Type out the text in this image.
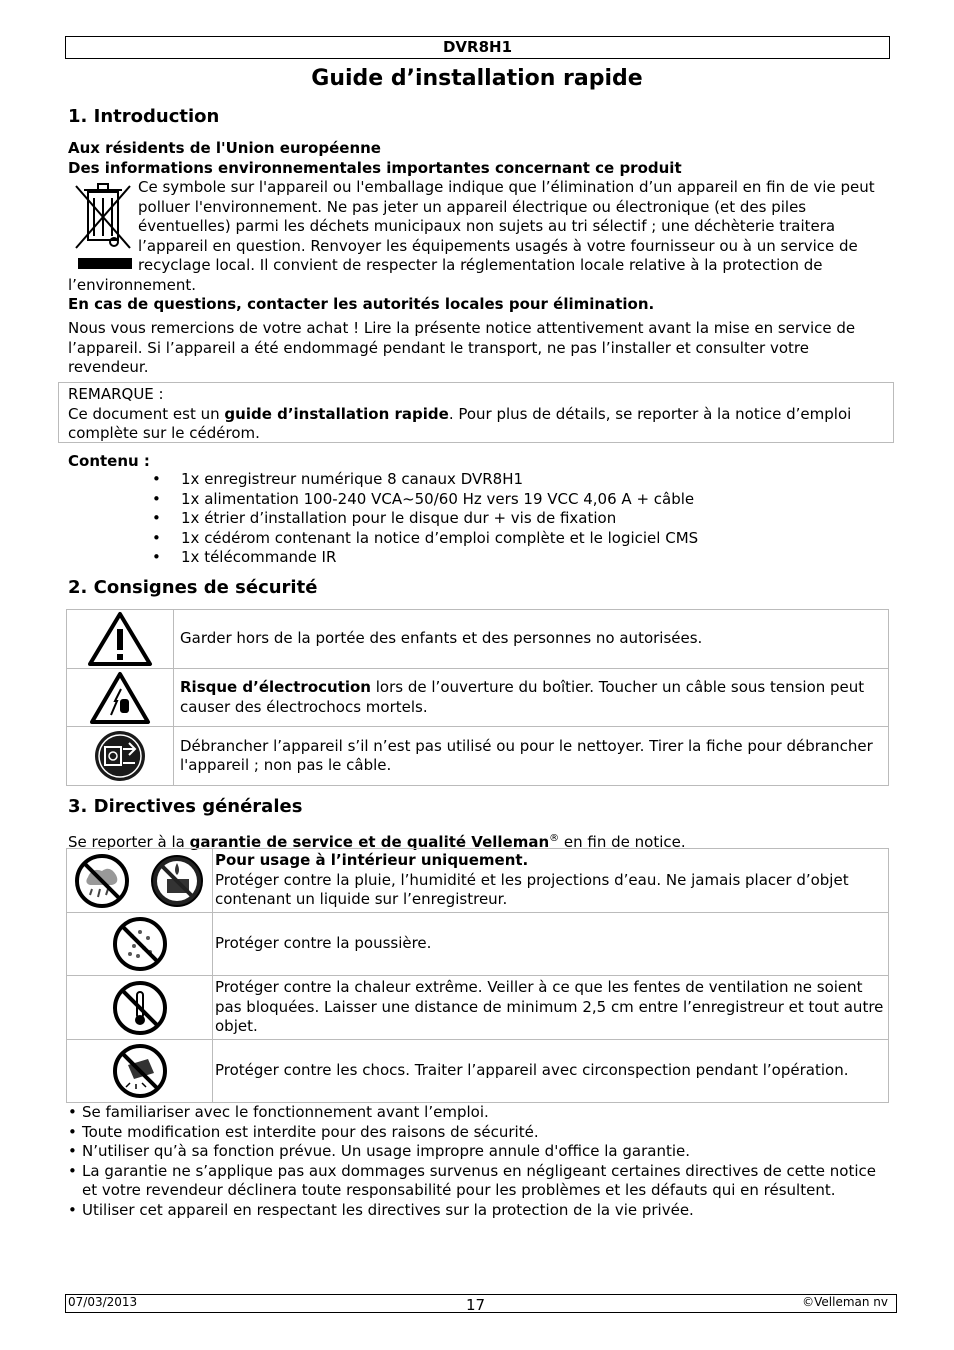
DVR8H1
Guide d’installation rapide
1. Introduction
Aux résidents de l'Union européenne
Des informations environnementales importantes concernant ce produit
Ce symbole sur l'appareil ou l'emballage indique que l’élimination d’un appareil en fin de vie peut polluer l'environnement. Ne pas jeter un appareil électrique ou électronique (et des piles éventuelles) parmi les déchets municipaux non sujets au tri sélectif ; une déchèterie traitera l’appareil en question. Renvoyer les équipements usagés à votre fournisseur ou à un service de recyclage local. Il convient de respecter la réglementation locale relative à la protection de l’environnement.
En cas de questions, contacter les autorités locales pour élimination.
Nous vous remercions de votre achat ! Lire la présente notice attentivement avant la mise en service de l’appareil. Si l’appareil a été endommagé pendant le transport, ne pas l’installer et consulter votre revendeur.
REMARQUE :
Ce document est un guide d’installation rapide. Pour plus de détails, se reporter à la notice d’emploi complète sur le cédérom.
Contenu :
• 1x enregistreur numérique 8 canaux DVR8H1
• 1x alimentation 100-240 VCA~50/60 Hz vers 19 VCC 4,06 A + câble
• 1x étrier d’installation pour le disque dur + vis de fixation
• 1x cédérom contenant la notice d’emploi complète et le logiciel CMS
• 1x télécommande IR
2. Consignes de sécurité
	Garder hors de la portée des enfants et des personnes no autorisées.

	Risque d’électrocution lors de l’ouverture du boîtier. Toucher un câble sous tension peut causer des électrochocs mortels.

	Débrancher l’appareil s’il n’est pas utilisé ou pour le nettoyer. Tirer la fiche pour débrancher l'appareil ; non pas le câble.
3. Directives générales
Se reporter à la garantie de service et de qualité Velleman® en fin de notice.

Pour usage à l’intérieur uniquement.
Protéger contre la pluie, l’humidité et les projections d’eau. Ne jamais placer d’objet contenant un liquide sur l’enregistreur.

	Protéger contre la poussière.

	Protéger contre la chaleur extrême. Veiller à ce que les fentes de ventilation ne soient pas bloquées. Laisser une distance de minimum 2,5 cm entre l’enregistreur et tout autre objet.

	Protéger contre les chocs. Traiter l’appareil avec circonspection pendant l’opération.
• Se familiariser avec le fonctionnement avant l’emploi.
• Toute modification est interdite pour des raisons de sécurité.
• N’utiliser qu’à sa fonction prévue. Un usage impropre annule d'office la garantie.
• La garantie ne s’applique pas aux dommages survenus en négligeant certaines directives de cette notice et votre revendeur déclinera toute responsabilité pour les problèmes et les défauts qui en résultent.
• Utiliser cet appareil en respectant les directives sur la protection de la vie privée.
07/03/2013	17	©Velleman nv
